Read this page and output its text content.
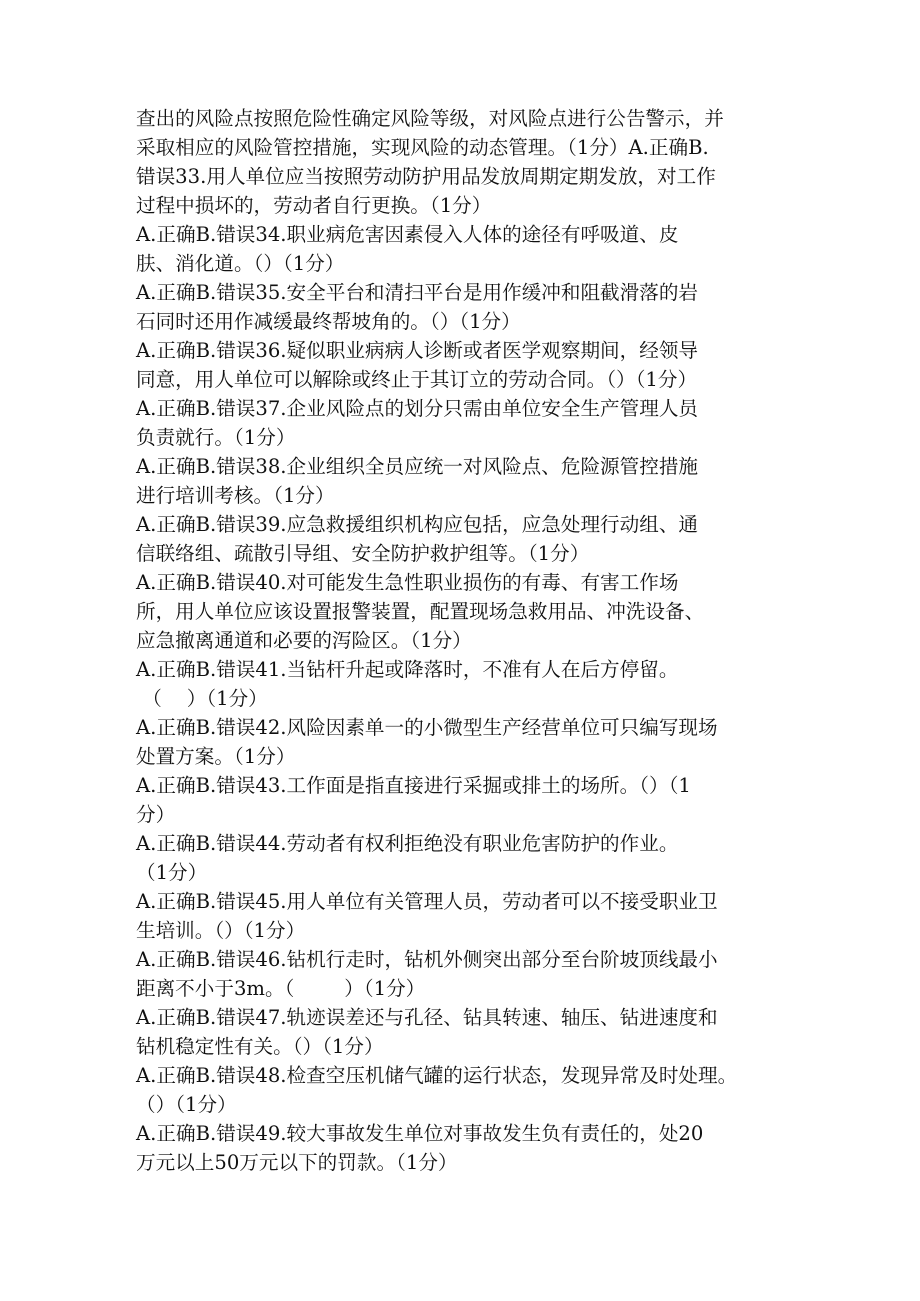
查出的风险点按照危险性确定风险等级，对风险点进行公告警示，并
采取相应的风险管控措施，实现风险的动态管理。（1分）A.正确B.
错误33.用人单位应当按照劳动防护用品发放周期定期发放，对工作
过程中损坏的，劳动者自行更换。（1分）
A.正确B.错误34.职业病危害因素侵入人体的途径有呼吸道、皮
肤、消化道。（）（1分）
A.正确B.错误35.安全平台和清扫平台是用作缓冲和阻截滑落的岩
石同时还用作减缓最终帮坡角的。（）（1分）
A.正确B.错误36.疑似职业病病人诊断或者医学观察期间，经领导
同意，用人单位可以解除或终止于其订立的劳动合同。（）（1分）
A.正确B.错误37.企业风险点的划分只需由单位安全生产管理人员
负责就行。（1分）
A.正确B.错误38.企业组织全员应统一对风险点、危险源管控措施
进行培训考核。（1分）
A.正确B.错误39.应急救援组织机构应包括，应急处理行动组、通
信联络组、疏散引导组、安全防护救护组等。（1分）
A.正确B.错误40.对可能发生急性职业损伤的有毒、有害工作场
所，用人单位应该设置报警装置，配置现场急救用品、冲洗设备、
应急撤离通道和必要的泻险区。（1分）
A.正确B.错误41.当钻杆升起或降落时，不准有人在后方停留。
（    ）（1分）
A.正确B.错误42.风险因素单一的小微型生产经营单位可只编写现场
处置方案。（1分）
A.正确B.错误43.工作面是指直接进行采掘或排土的场所。（）（1
分）
A.正确B.错误44.劳动者有权利拒绝没有职业危害防护的作业。
（1分）
A.正确B.错误45.用人单位有关管理人员，劳动者可以不接受职业卫
生培训。（）（1分）
A.正确B.错误46.钻机行走时，钻机外侧突出部分至台阶坡顶线最小
距离不小于3m。（        ）（1分）
A.正确B.错误47.轨迹误差还与孔径、钻具转速、轴压、钻进速度和
钻机稳定性有关。（）（1分）
A.正确B.错误48.检查空压机储气罐的运行状态，发现异常及时处理。
（）（1分）
A.正确B.错误49.较大事故发生单位对事故发生负有责任的，处20
万元以上50万元以下的罚款。（1分）
